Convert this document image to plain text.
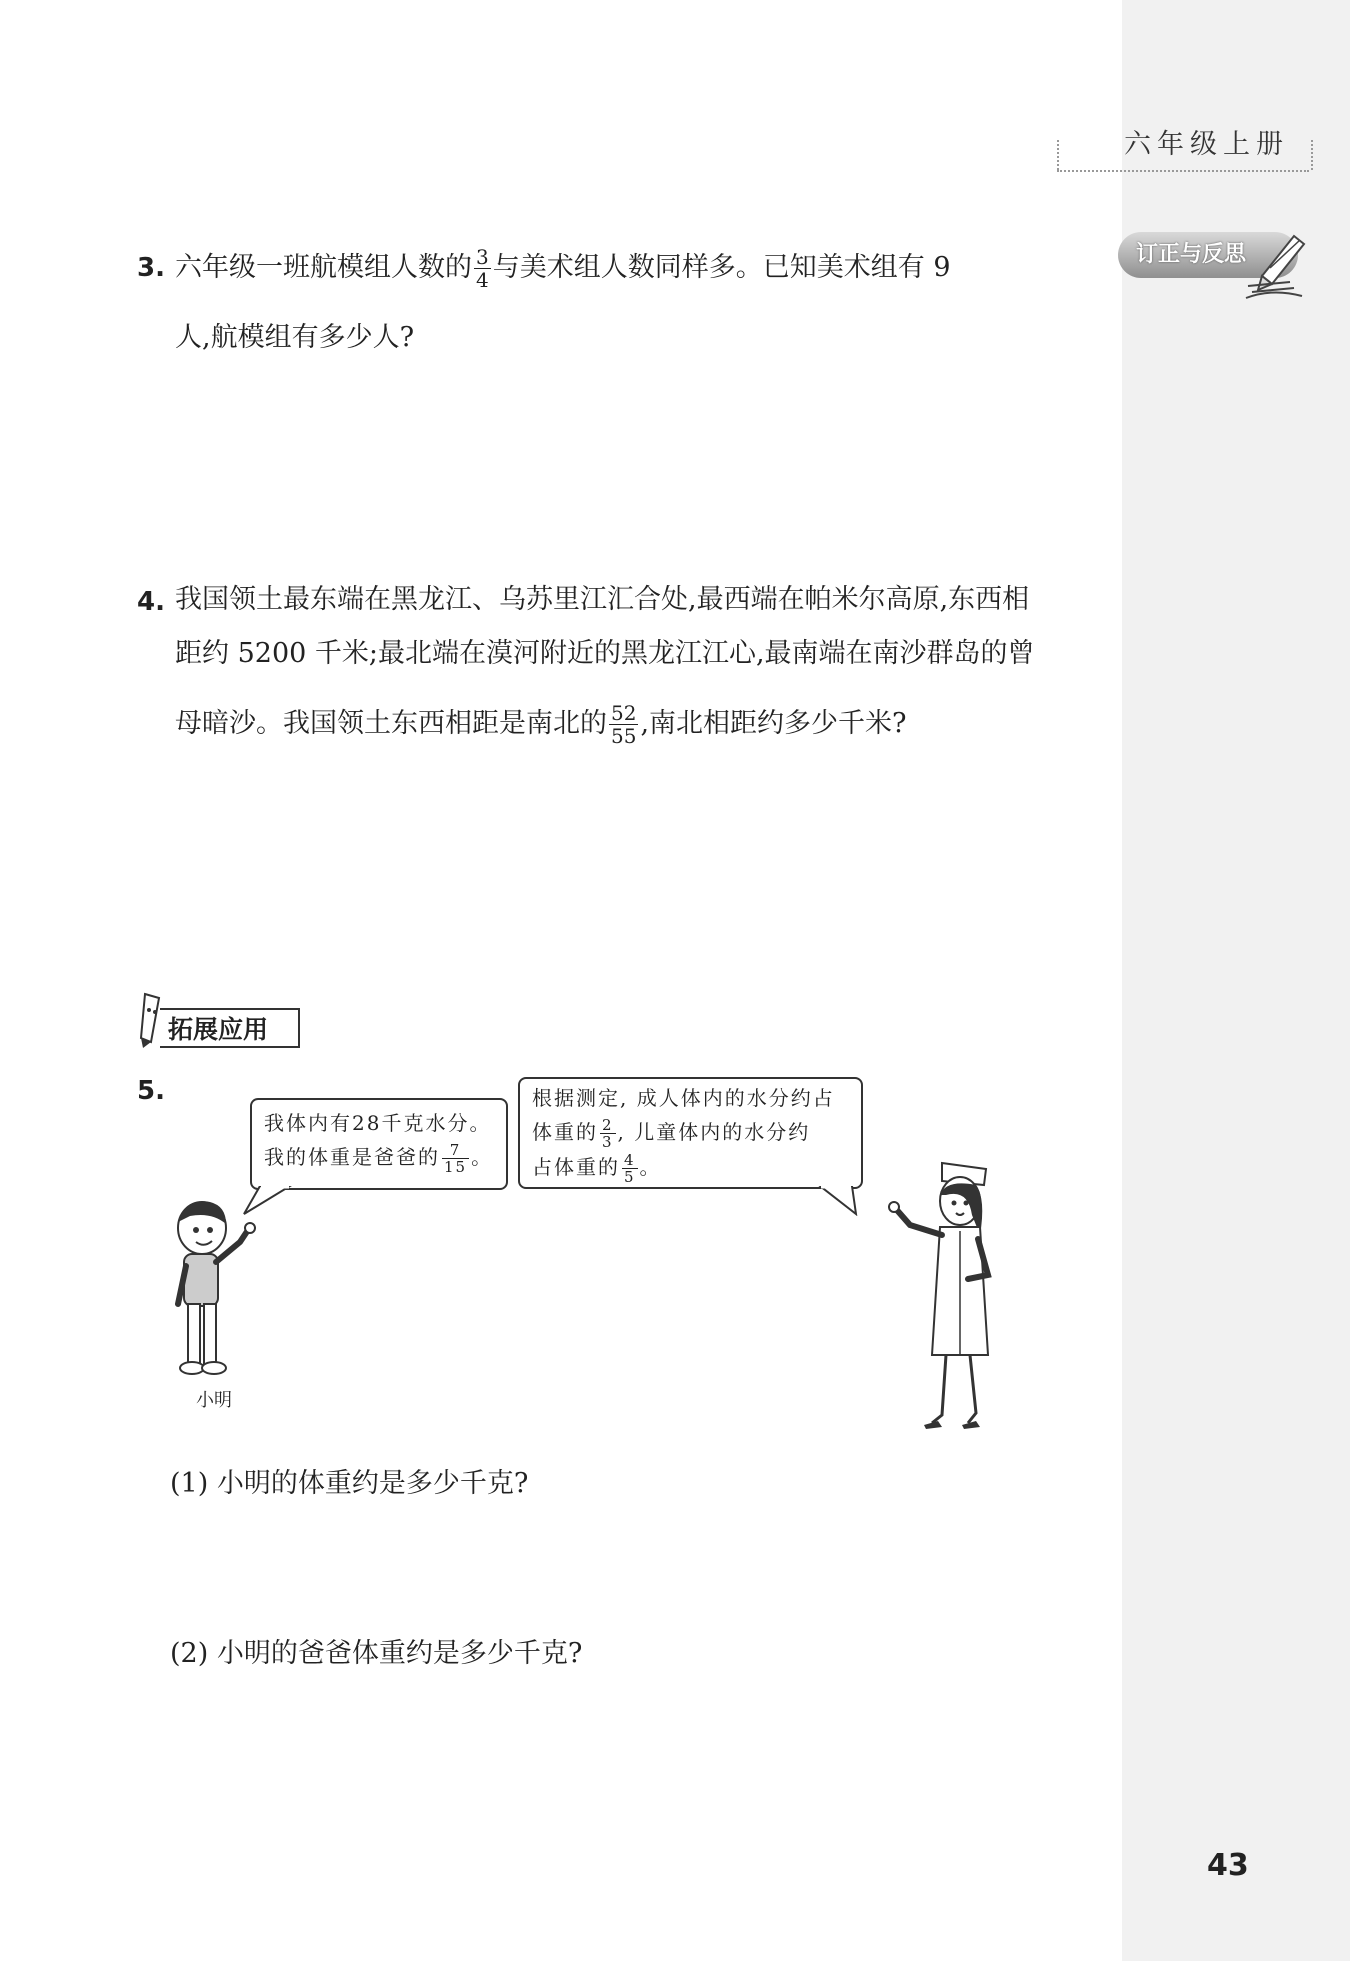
六年级上册
订正与反思
3. 六年级一班航模组人数的 $\frac{3}{4}$ 与美术组人数同样多。已知美术组有 9
人,航模组有多少人?
4. 我国领土最东端在黑龙江、乌苏里江汇合处,最西端在帕米尔高原,东西相
距约 5200 千米;最北端在漠河附近的黑龙江江心,最南端在南沙群岛的曾
母暗沙。我国领土东西相距是南北的 $\frac{52}{55}$ ,南北相距约多少千米?
拓展应用
5.
我体内有28千克水分。
我的体重是爸爸的 $\frac{7}{15}$ 。
根据测定, 成人体内的水分约占
体重的 $\frac{2}{3}$ , 儿童体内的水分约
占体重的 $\frac{4}{5}$ 。
小明
(1) 小明的体重约是多少千克?
(2) 小明的爸爸体重约是多少千克?
43
